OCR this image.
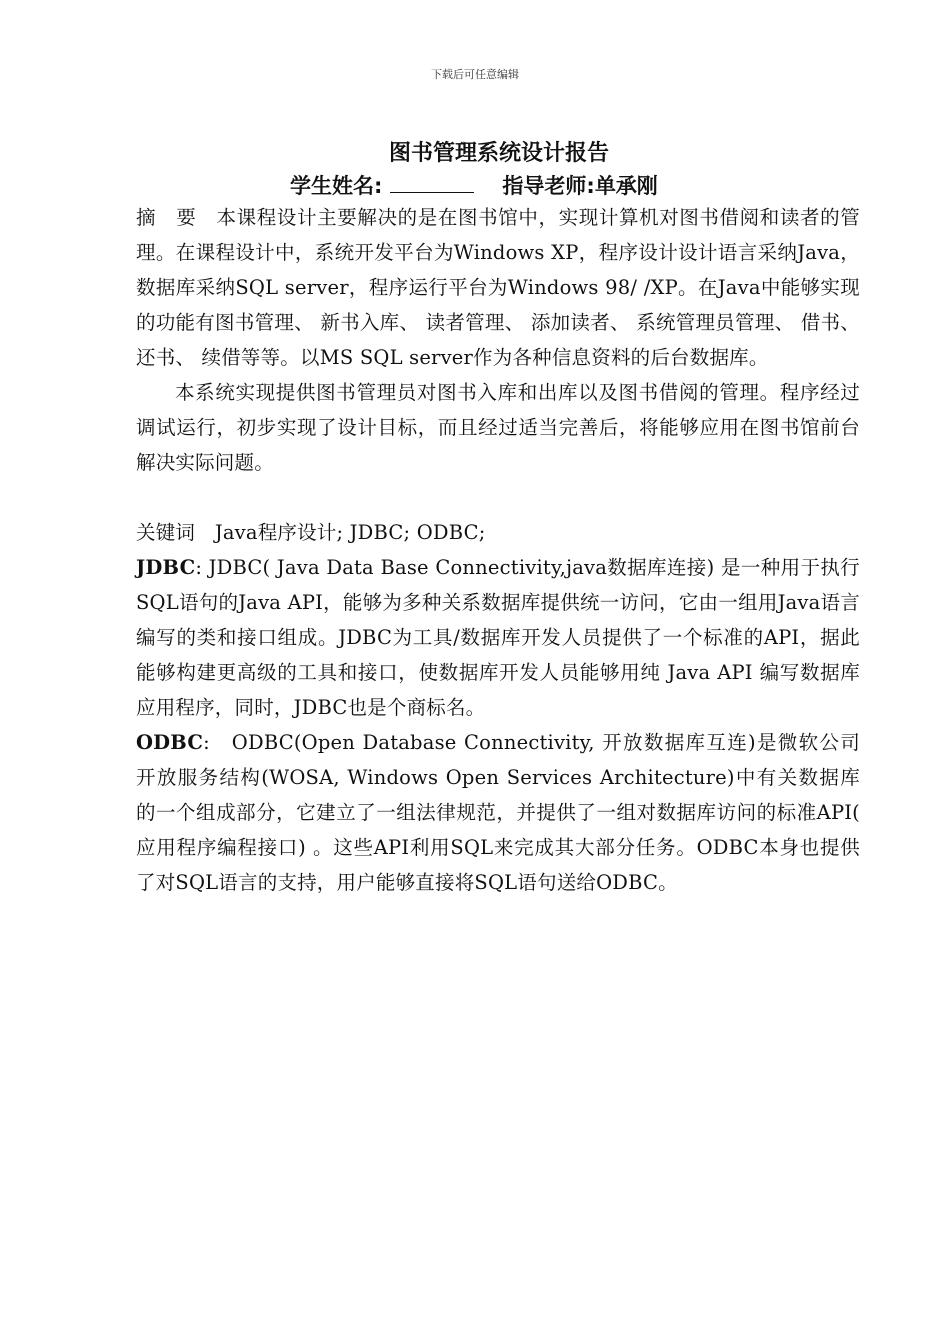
下载后可任意编辑
图书管理系统设计报告
学生姓名:	指导老师:单承刚

摘　要　 本课程设计主要解决的是在图书馆中，实现计算机对图书借阅和读者的管理。在课程设计中，系统开发平台为Windows XP，程序设计设计语言采纳Java，数据库采纳SQL server，程序运行平台为Windows 98/ /XP。在Java中能够实现的功能有图书管理、 新书入库、 读者管理、 添加读者、 系统管理员管理、 借书、 还书、 续借等等。以MS SQL server作为各种信息资料的后台数据库。

本系统实现提供图书管理员对图书入库和出库以及图书借阅的管理。程序经过调试运行，初步实现了设计目标，而且经过适当完善后，将能够应用在图书馆前台解决实际问题。

关键词　 Java程序设计; JDBC; ODBC;

JDBC: JDBC( Java Data Base Connectivity,java数据库连接) 是一种用于执行SQL语句的Java API，能够为多种关系数据库提供统一访问，它由一组用Java语言编写的类和接口组成。JDBC为工具/数据库开发人员提供了一个标准的API，据此能够构建更高级的工具和接口，使数据库开发人员能够用纯 Java API 编写数据库应用程序，同时，JDBC也是个商标名。

ODBC:　ODBC(Open Database Connectivity, 开放数据库互连)是微软公司开放服务结构(WOSA, Windows Open Services Architecture)中有关数据库的一个组成部分，它建立了一组法律规范，并提供了一组对数据库访问的标准API( 应用程序编程接口) 。这些API利用SQL来完成其大部分任务。ODBC本身也提供了对SQL语言的支持，用户能够直接将SQL语句送给ODBC。
